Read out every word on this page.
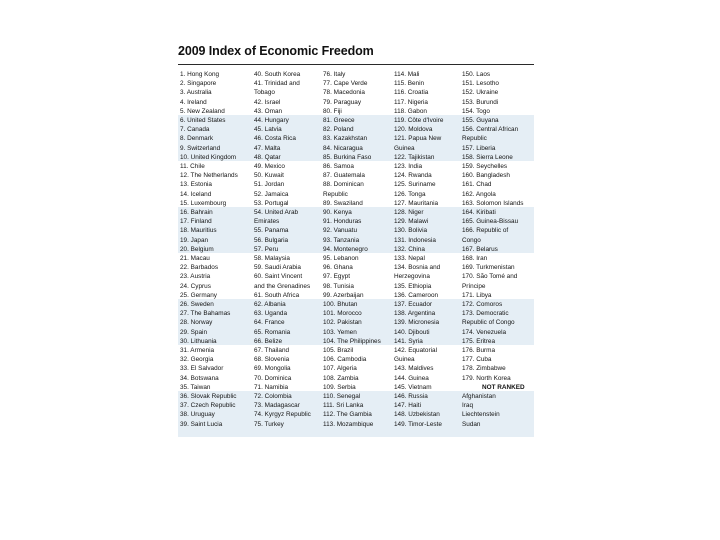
2009 Index of Economic Freedom
1. Hong Kong
2. Singapore
3. Australia
4. Ireland
5. New Zealand
6. United States
7. Canada
8. Denmark
9. Switzerland
10. United Kingdom
11. Chile
12. The Netherlands
13. Estonia
14. Iceland
15. Luxembourg
16. Bahrain
17. Finland
18. Mauritius
19. Japan
20. Belgium
21. Macau
22. Barbados
23. Austria
24. Cyprus
25. Germany
26. Sweden
27. The Bahamas
28. Norway
29. Spain
30. Lithuania
31. Armenia
32. Georgia
33. El Salvador
34. Botswana
35. Taiwan
36. Slovak Republic
37. Czech Republic
38. Uruguay
39. Saint Lucia
40. South Korea
41. Trinidad and
Tobago
42. Israel
43. Oman
44. Hungary
45. Latvia
46. Costa Rica
47. Malta
48. Qatar
49. Mexico
50. Kuwait
51. Jordan
52. Jamaica
53. Portugal
54. United Arab
Emirates
55. Panama
56. Bulgaria
57. Peru
58. Malaysia
59. Saudi Arabia
60. Saint Vincent
and the Grenadines
61. South Africa
62. Albania
63. Uganda
64. France
65. Romania
66. Belize
67. Thailand
68. Slovenia
69. Mongolia
70. Dominica
71. Namibia
72. Colombia
73. Madagascar
74. Kyrgyz Republic
75. Turkey
76. Italy
77. Cape Verde
78. Macedonia
79. Paraguay
80. Fiji
81. Greece
82. Poland
83. Kazakhstan
84. Nicaragua
85. Burkina Faso
86. Samoa
87. Guatemala
88. Dominican
Republic
89. Swaziland
90. Kenya
91. Honduras
92. Vanuatu
93. Tanzania
94. Montenegro
95. Lebanon
96. Ghana
97. Egypt
98. Tunisia
99. Azerbaijan
100. Bhutan
101. Morocco
102. Pakistan
103. Yemen
104. The Philippines
105. Brazil
106. Cambodia
107. Algeria
108. Zambia
109. Serbia
110. Senegal
111. Sri Lanka
112. The Gambia
113. Mozambique
114. Mali
115. Benin
116. Croatia
117. Nigeria
118. Gabon
119. Côte d'Ivoire
120. Moldova
121. Papua New
Guinea
122. Tajikistan
123. India
124. Rwanda
125. Suriname
126. Tonga
127. Mauritania
128. Niger
129. Malawi
130. Bolivia
131. Indonesia
132. China
133. Nepal
134. Bosnia and
Herzegovina
135. Ethiopia
136. Cameroon
137. Ecuador
138. Argentina
139. Micronesia
140. Djibouti
141. Syria
142. Equatorial
Guinea
143. Maldives
144. Guinea
145. Vietnam
146. Russia
147. Haiti
148. Uzbekistan
149. Timor-Leste
150. Laos
151. Lesotho
152. Ukraine
153. Burundi
154. Togo
155. Guyana
156. Central African
Republic
157. Liberia
158. Sierra Leone
159. Seychelles
160. Bangladesh
161. Chad
162. Angola
163. Solomon Islands
164. Kiribati
165. Guinea-Bissau
166. Republic of
Congo
167. Belarus
168. Iran
169. Turkmenistan
170. São Tomé and
Príncipe
171. Libya
172. Comoros
173. Democratic
Republic of Congo
174. Venezuela
175. Eritrea
176. Burma
177. Cuba
178. Zimbabwe
179. North Korea
NOT RANKED
Afghanistan
Iraq
Liechtenstein
Sudan
